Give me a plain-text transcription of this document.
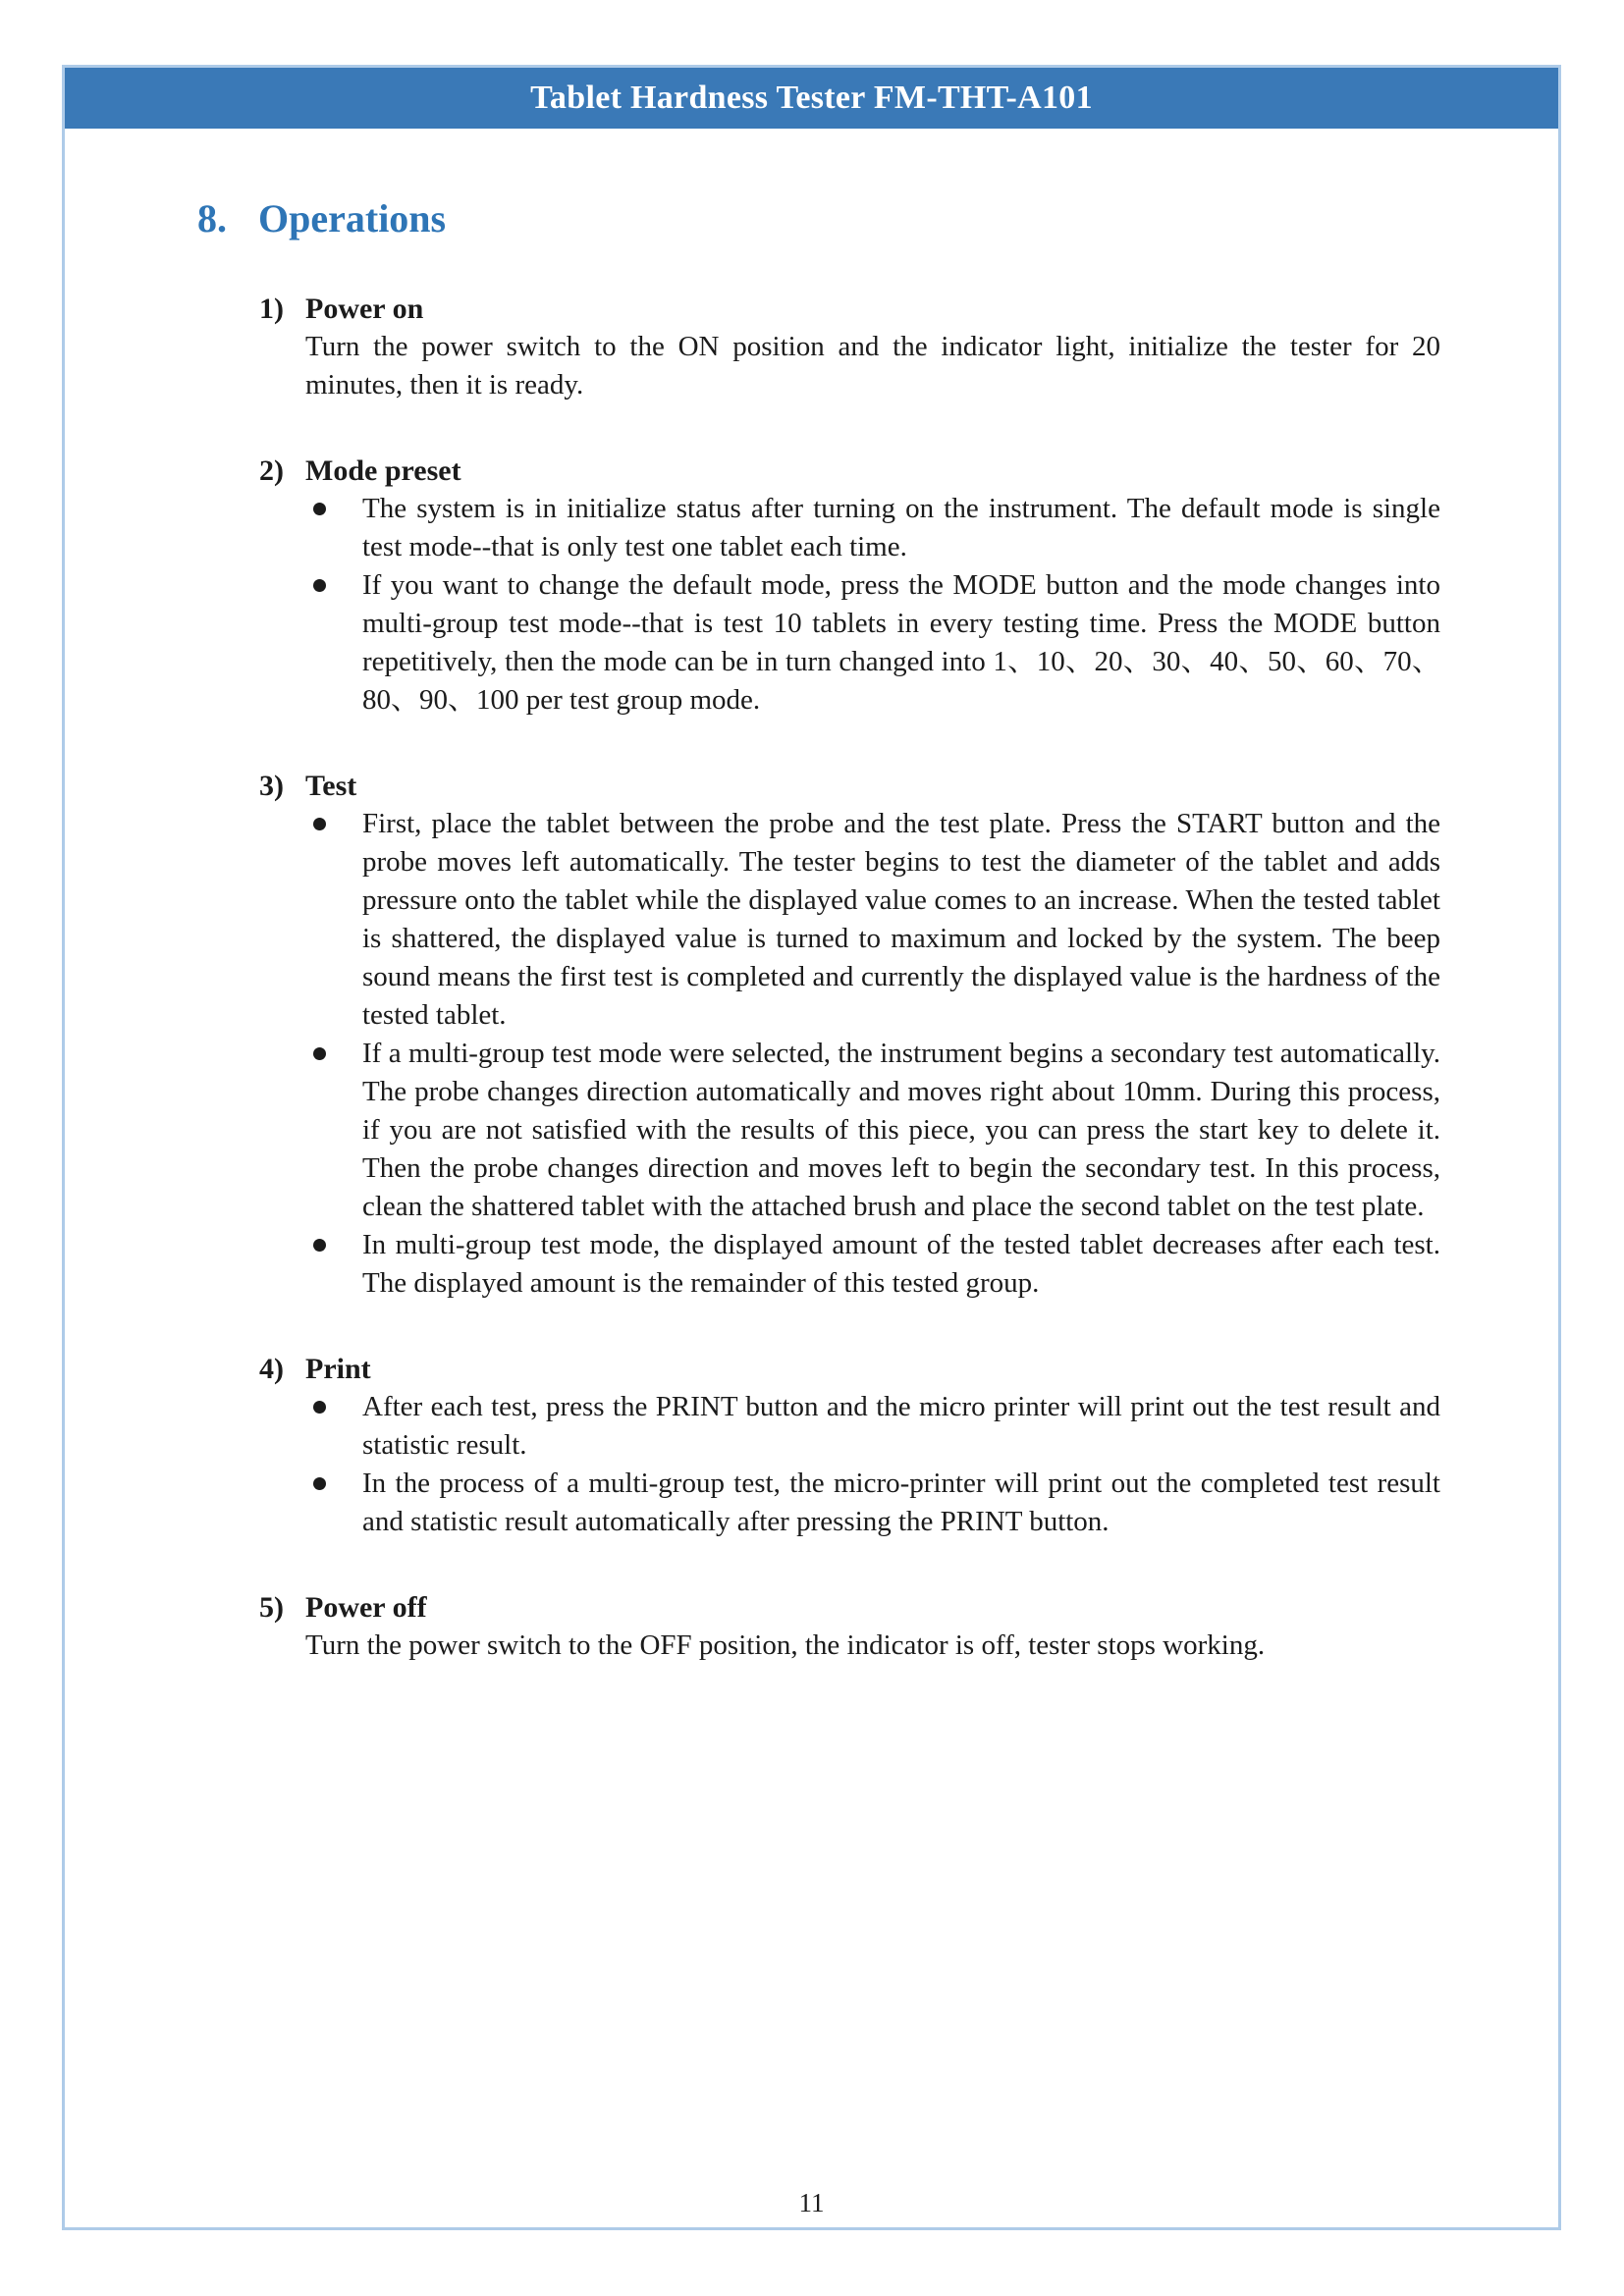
Tablet Hardness Tester FM-THT-A101
8. Operations
1) Power on

Turn the power switch to the ON position and the indicator light, initialize the tester for 20 minutes, then it is ready.

2) Mode preset
The system is in initialize status after turning on the instrument. The default mode is single test mode--that is only test one tablet each time.
If you want to change the default mode, press the MODE button and the mode changes into multi-group test mode--that is test 10 tablets in every testing time. Press the MODE button repetitively, then the mode can be in turn changed into 1、10、20、30、40、50、60、70、80、90、100 per test group mode.
3) Test
First, place the tablet between the probe and the test plate. Press the START button and the probe moves left automatically. The tester begins to test the diameter of the tablet and adds pressure onto the tablet while the displayed value comes to an increase. When the tested tablet is shattered, the displayed value is turned to maximum and locked by the system. The beep sound means the first test is completed and currently the displayed value is the hardness of the tested tablet.
If a multi-group test mode were selected, the instrument begins a secondary test automatically. The probe changes direction automatically and moves right about 10mm. During this process, if you are not satisfied with the results of this piece, you can press the start key to delete it. Then the probe changes direction and moves left to begin the secondary test. In this process, clean the shattered tablet with the attached brush and place the second tablet on the test plate.
In multi-group test mode, the displayed amount of the tested tablet decreases after each test. The displayed amount is the remainder of this tested group.
4) Print
After each test, press the PRINT button and the micro printer will print out the test result and statistic result.
In the process of a multi-group test, the micro-printer will print out the completed test result and statistic result automatically after pressing the PRINT button.
5) Power off

Turn the power switch to the OFF position, the indicator is off, tester stops working.

11
